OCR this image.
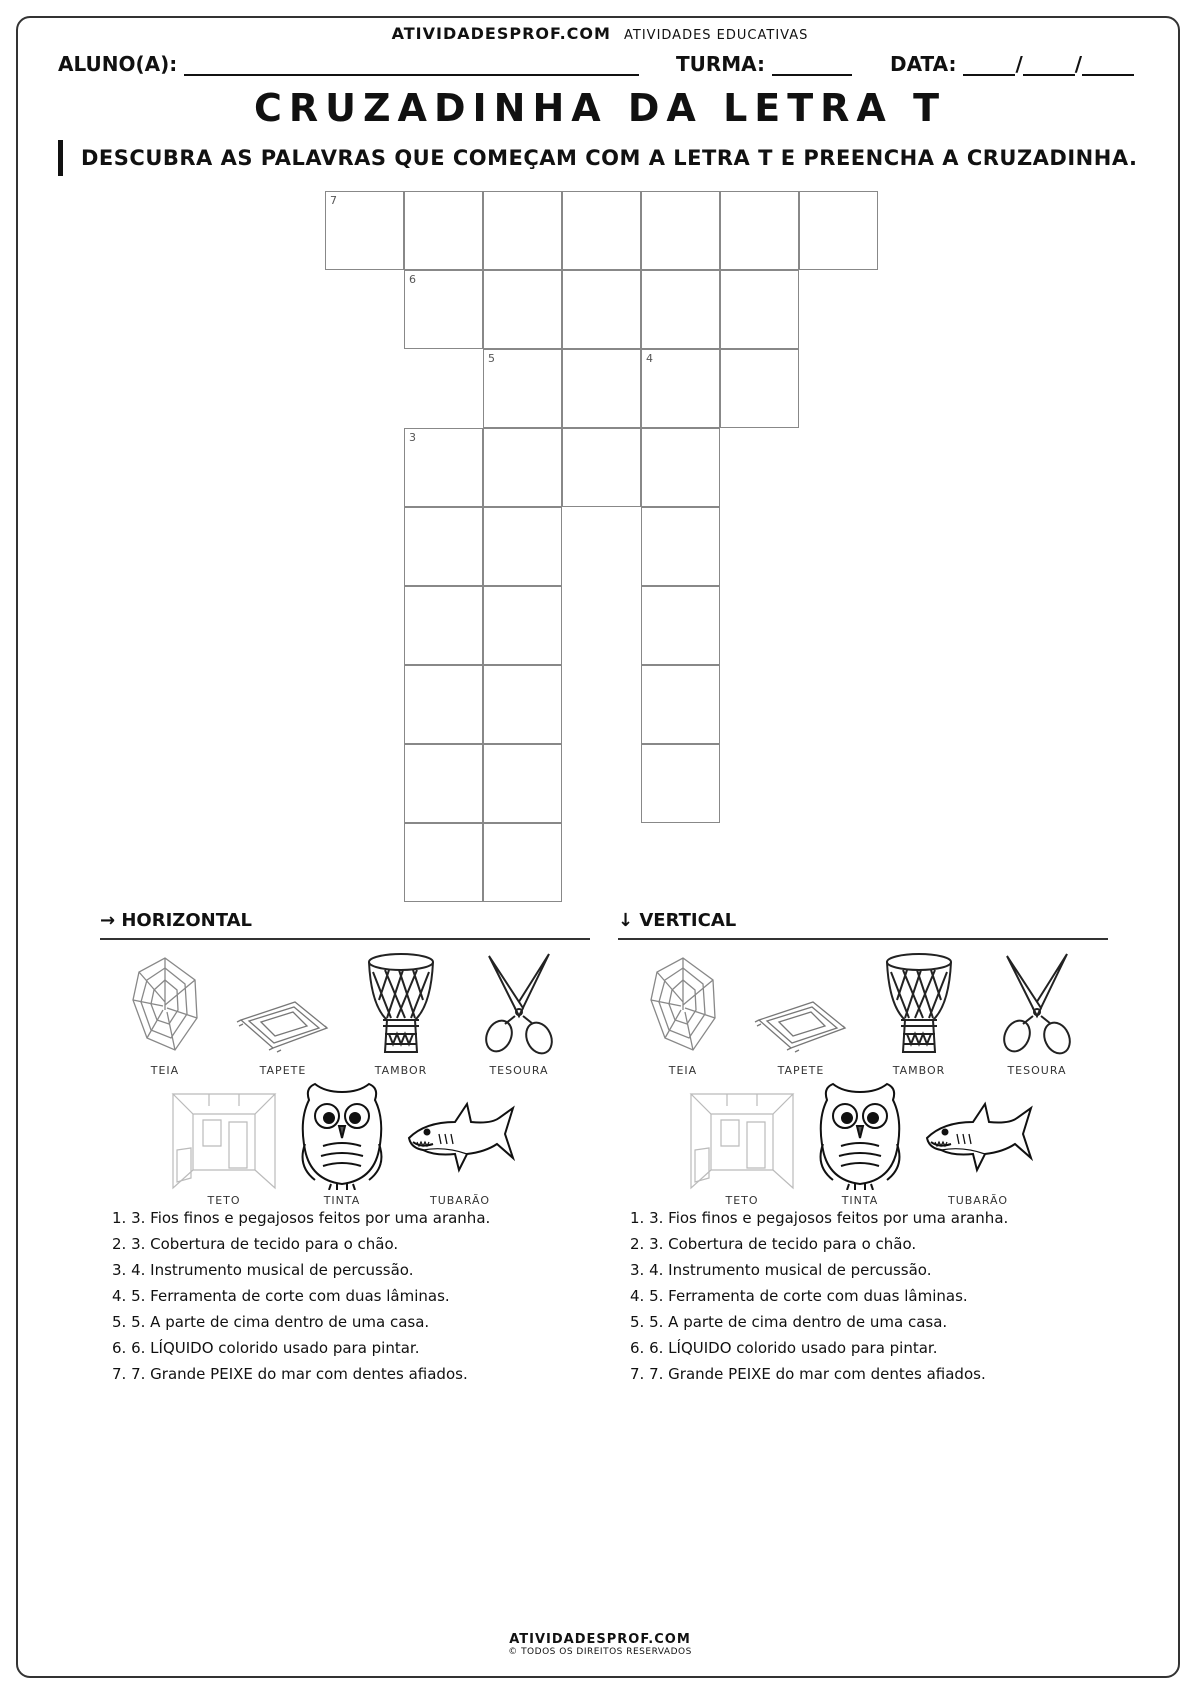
ATIVIDADESPROF.COM ATIVIDADES EDUCATIVAS
ALUNO(A):	TURMA:	DATA:	/	/
CRUZADINHA DA LETRA T
DESCUBRA AS PALAVRAS QUE COMEÇAM COM A LETRA T E PREENCHA A CRUZADINHA.
7
6
5	4
3
→ HORIZONTAL	↓ VERTICAL
TEIA	TAPETE	TAMBOR	TESOURA
TETO	TINTA	TUBARÃO
TEIA	TAPETE	TAMBOR	TESOURA
TETO	TINTA	TUBARÃO
1. 3. Fios finos e pegajosos feitos por uma aranha.
2. 3. Cobertura de tecido para o chão.
3. 4. Instrumento musical de percussão.
4. 5. Ferramenta de corte com duas lâminas.
5. 5. A parte de cima dentro de uma casa.
6. 6. LÍQUIDO colorido usado para pintar.
7. 7. Grande PEIXE do mar com dentes afiados.
1. 3. Fios finos e pegajosos feitos por uma aranha.
2. 3. Cobertura de tecido para o chão.
3. 4. Instrumento musical de percussão.
4. 5. Ferramenta de corte com duas lâminas.
5. 5. A parte de cima dentro de uma casa.
6. 6. LÍQUIDO colorido usado para pintar.
7. 7. Grande PEIXE do mar com dentes afiados.
ATIVIDADESPROF.COM
© TODOS OS DIREITOS RESERVADOS
